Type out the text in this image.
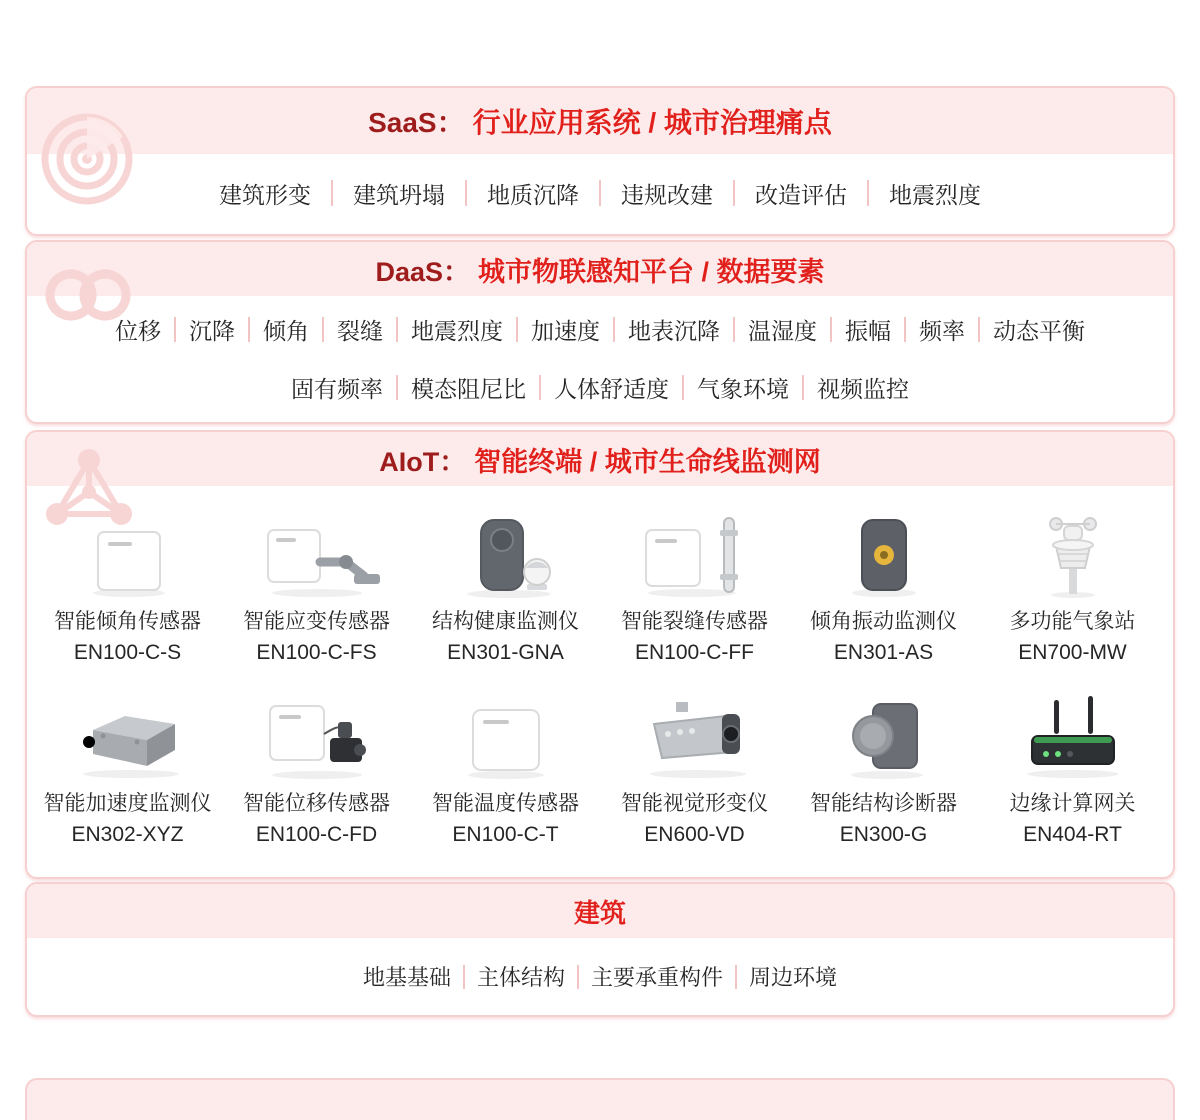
SaaS： 行业应用系统 / 城市治理痛点
建筑形变 建筑坍塌 地质沉降 违规改建 改造评估 地震烈度
DaaS： 城市物联感知平台 / 数据要素
位移 沉降 倾角 裂缝 地震烈度 加速度 地表沉降 温湿度 振幅 频率 动态平衡
固有频率 模态阻尼比 人体舒适度 气象环境 视频监控
AIoT： 智能终端 / 城市生命线监测网
智能倾角传感器
EN100-C-S
智能应变传感器
EN100-C-FS
结构健康监测仪
EN301-GNA
智能裂缝传感器
EN100-C-FF
倾角振动监测仪
EN301-AS
多功能气象站
EN700-MW
智能加速度监测仪
EN302-XYZ
智能位移传感器
EN100-C-FD
智能温度传感器
EN100-C-T
智能视觉形变仪
EN600-VD
智能结构诊断器
EN300-G
边缘计算网关
EN404-RT
建筑
地基基础 主体结构 主要承重构件 周边环境
